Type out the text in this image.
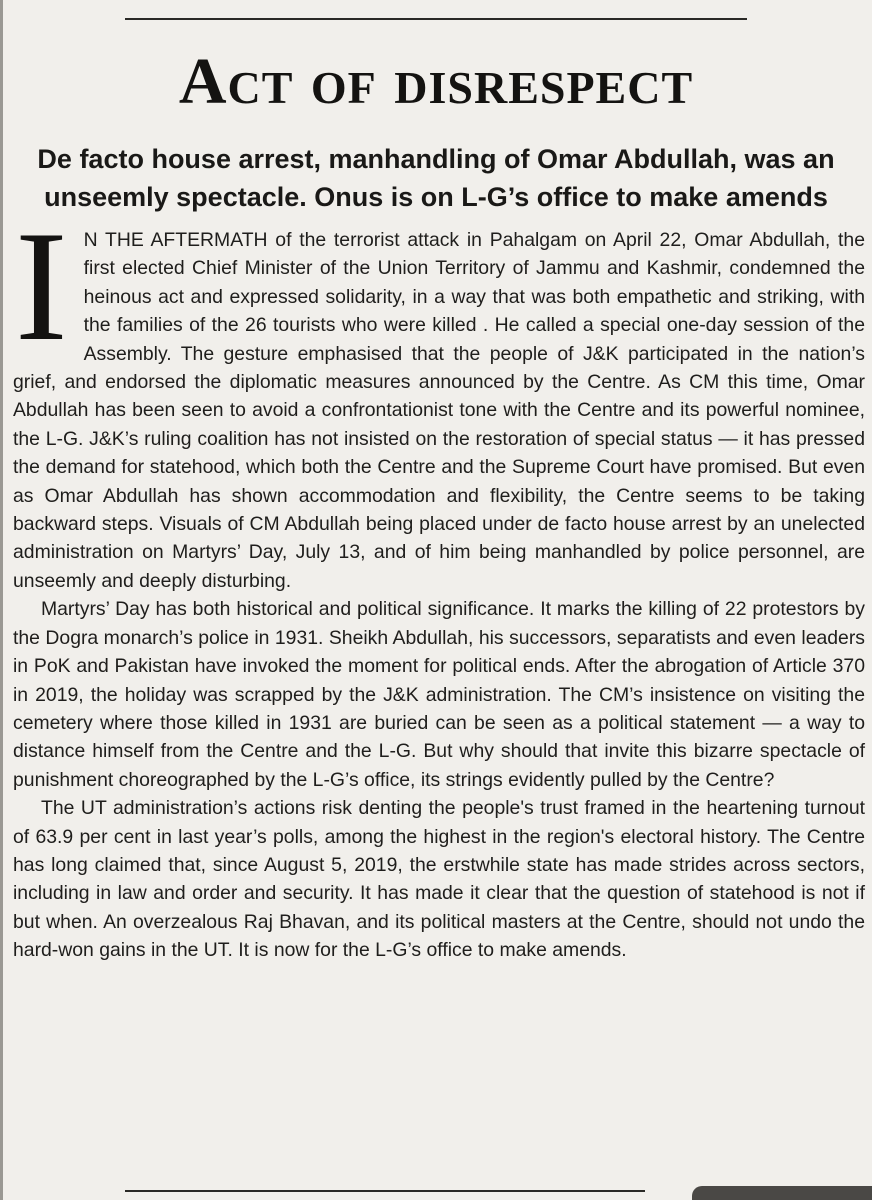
Act of disrespect
De facto house arrest, manhandling of Omar Abdullah, was an unseemly spectacle. Onus is on L-G’s office to make amends

I N THE AFTERMATH of the terrorist attack in Pahalgam on April 22, Omar Abdullah, the first elected Chief Minister of the Union Territory of Jammu and Kashmir, condemned the heinous act and expressed solidarity, in a way that was both empathetic and striking, with the families of the 26 tourists who were killed . He called a special one-day session of the Assembly. The gesture emphasised that the people of J&K participated in the nation’s grief, and endorsed the diplomatic measures announced by the Centre. As CM this time, Omar Abdullah has been seen to avoid a confrontationist tone with the Centre and its powerful nominee, the L-G. J&K’s ruling coalition has not insisted on the restoration of special status — it has pressed the demand for statehood, which both the Centre and the Supreme Court have promised. But even as Omar Abdullah has shown accommodation and flexibility, the Centre seems to be taking backward steps. Visuals of CM Abdullah being placed under de facto house arrest by an unelected administration on Martyrs’ Day, July 13, and of him being manhandled by police personnel, are unseemly and deeply disturbing.

Martyrs’ Day has both historical and political significance. It marks the killing of 22 protestors by the Dogra monarch’s police in 1931. Sheikh Abdullah, his successors, separatists and even leaders in PoK and Pakistan have invoked the moment for political ends. After the abrogation of Article 370 in 2019, the holiday was scrapped by the J&K administration. The CM’s insistence on visiting the cemetery where those killed in 1931 are buried can be seen as a political statement — a way to distance himself from the Centre and the L-G. But why should that invite this bizarre spectacle of punishment choreographed by the L-G’s office, its strings evidently pulled by the Centre?

The UT administration’s actions risk denting the people's trust framed in the heartening turnout of 63.9 per cent in last year’s polls, among the highest in the region's electoral history. The Centre has long claimed that, since August 5, 2019, the erstwhile state has made strides across sectors, including in law and order and security. It has made it clear that the question of statehood is not if but when. An overzealous Raj Bhavan, and its political masters at the Centre, should not undo the hard-won gains in the UT. It is now for the L-G’s office to make amends.
